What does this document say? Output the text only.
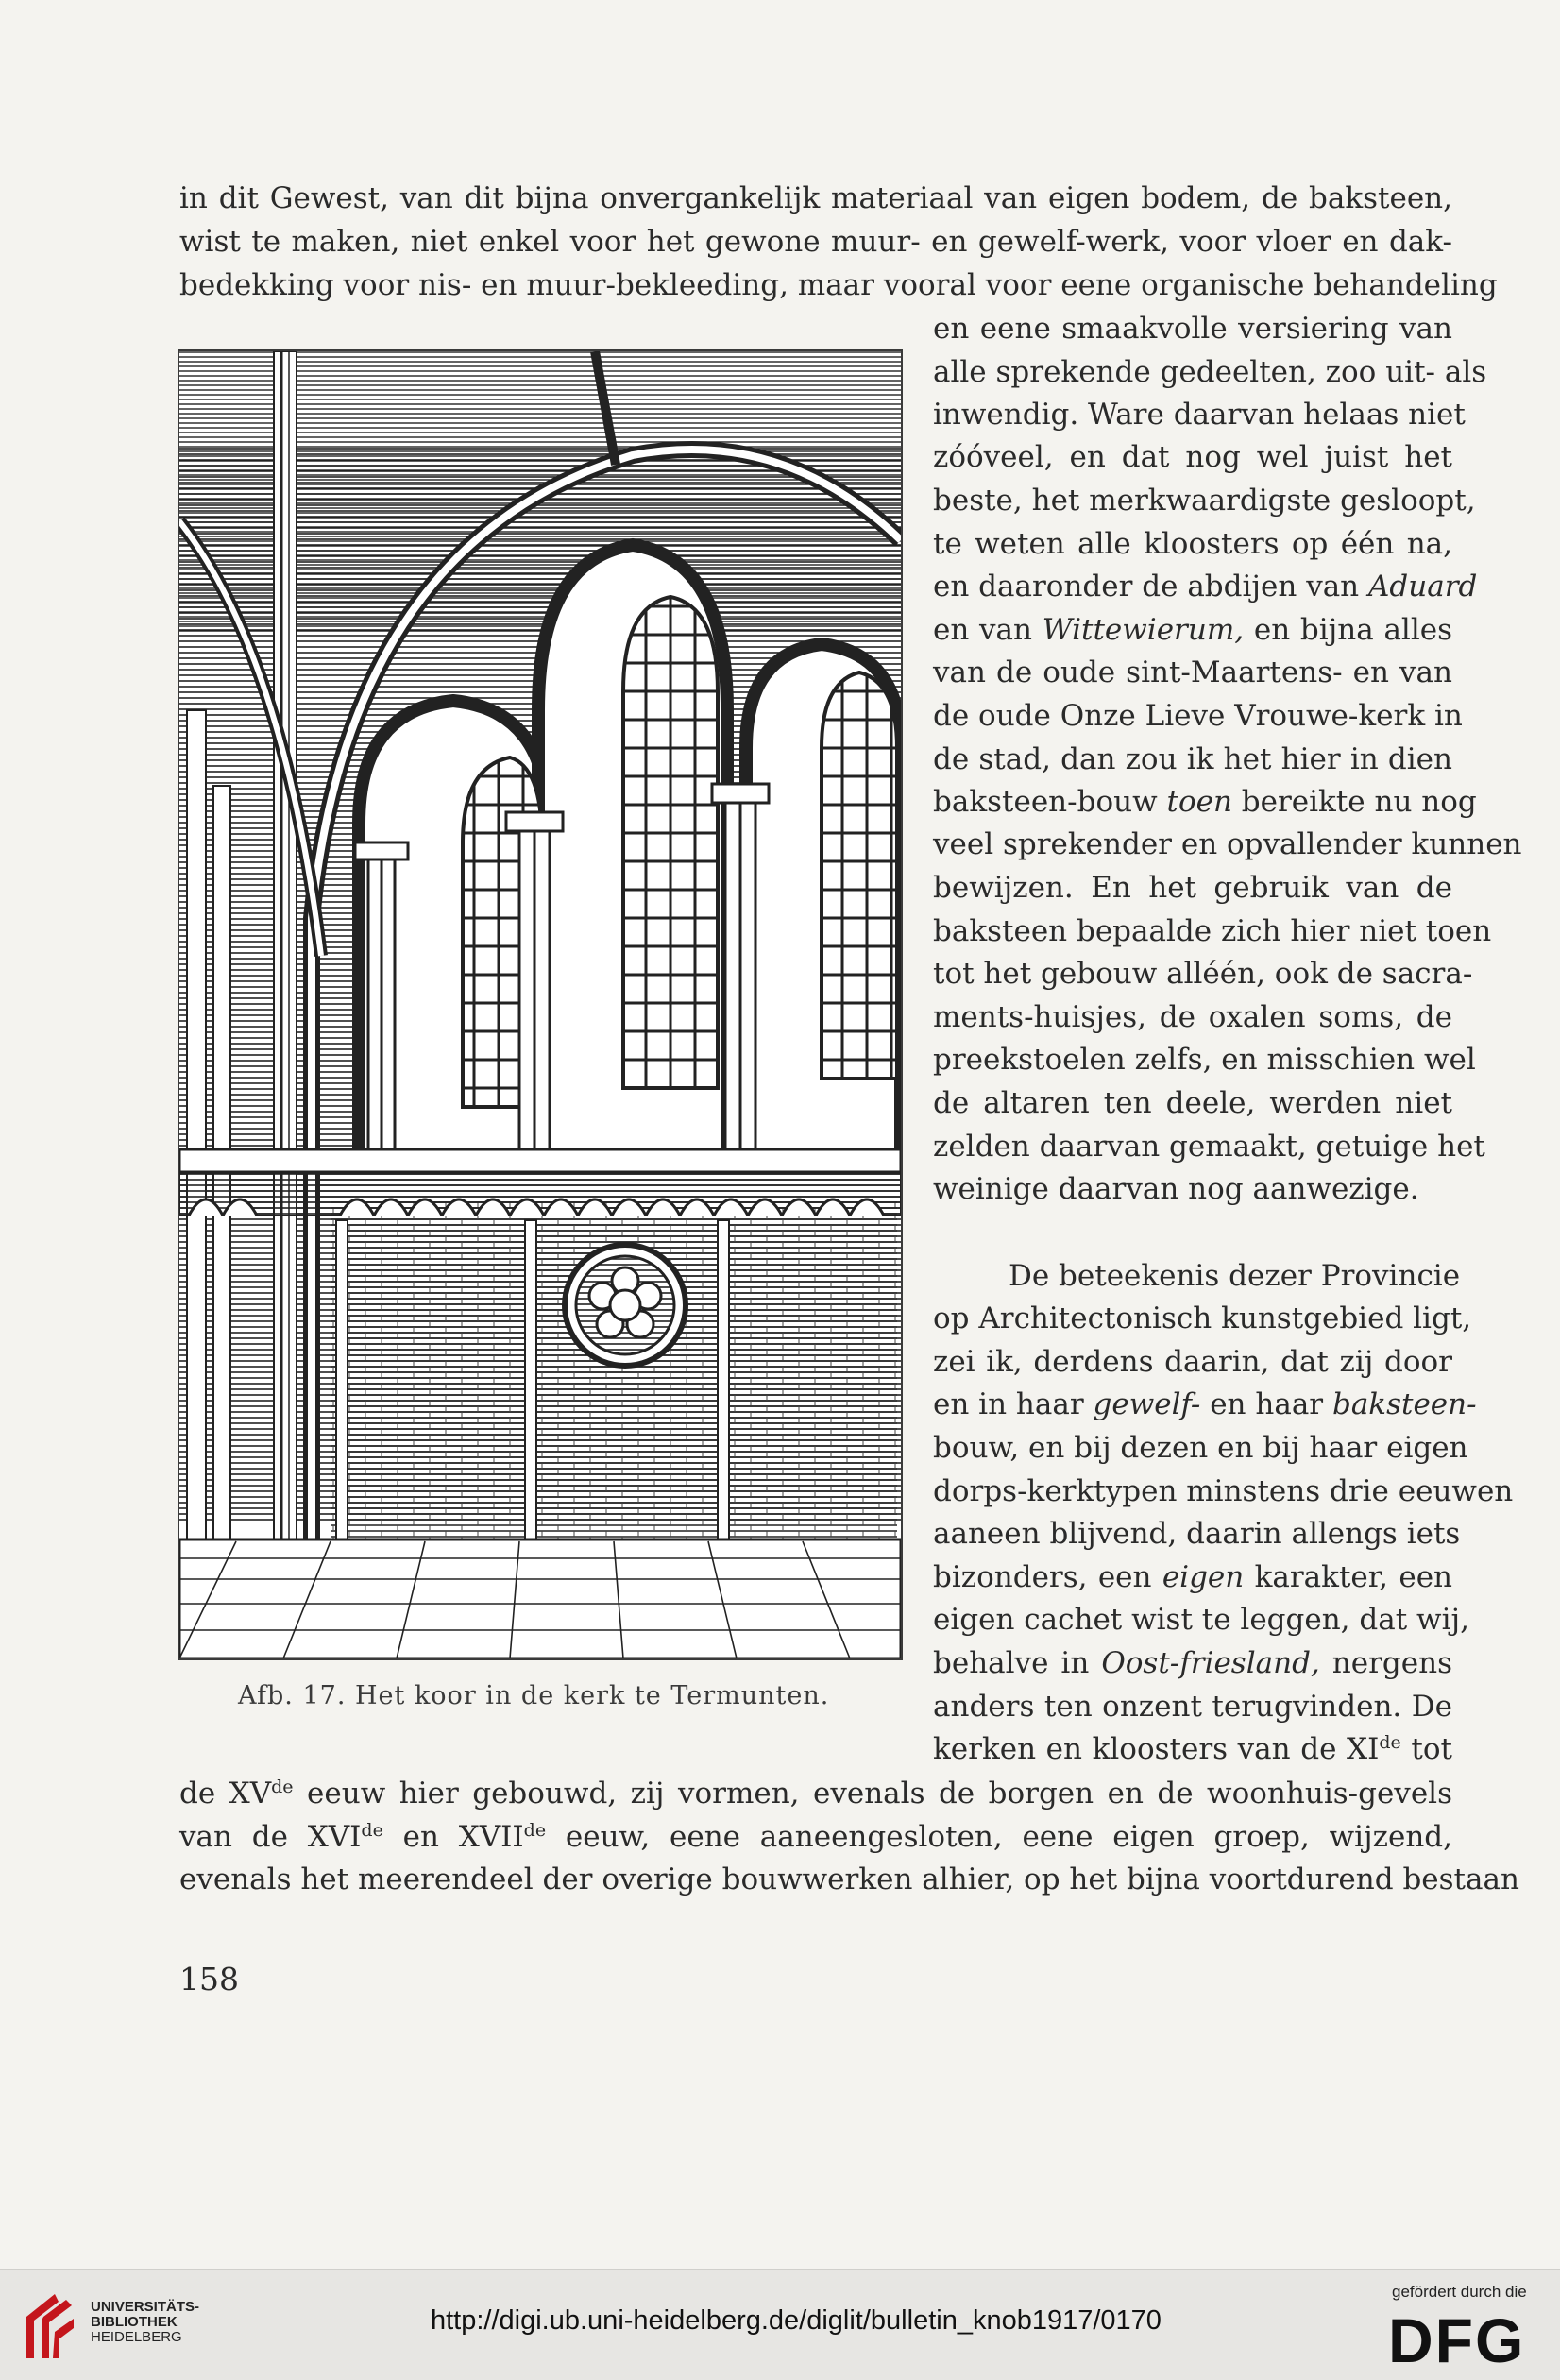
in dit Gewest, van dit bijna onvergankelijk materiaal van eigen bodem, de baksteen,
wist te maken, niet enkel voor het gewone muur- en gewelf-werk, voor vloer en dak-
bedekking voor nis- en muur-bekleeding, maar vooral voor eene organische behandeling
en eene smaakvolle versiering van
alle sprekende gedeelten, zoo uit- als
inwendig. Ware daarvan helaas niet
zóóveel, en dat nog wel juist het
beste, het merkwaardigste gesloopt,
te weten alle kloosters op één na,
en daaronder de abdijen van Aduard
en van Wittewierum, en bijna alles
van de oude sint-Maartens- en van
de oude Onze Lieve Vrouwe-kerk in
de stad, dan zou ik het hier in dien
baksteen-bouw toen bereikte nu nog
veel sprekender en opvallender kunnen
bewijzen. En het gebruik van de
baksteen bepaalde zich hier niet toen
tot het gebouw alléén, ook de sacra-
ments-huisjes, de oxalen soms, de
preekstoelen zelfs, en misschien wel
de altaren ten deele, werden niet
zelden daarvan gemaakt, getuige het
weinige daarvan nog aanwezige.
De beteekenis dezer Provincie
op Architectonisch kunstgebied ligt,
zei ik, derdens daarin, dat zij door
en in haar gewelf- en haar baksteen-
bouw, en bij dezen en bij haar eigen
dorps-kerktypen minstens drie eeuwen
aaneen blijvend, daarin allengs iets
bizonders, een eigen karakter, een
eigen cachet wist te leggen, dat wij,
behalve in Oost-friesland, nergens
anders ten onzent terugvinden. De
kerken en kloosters van de XIde tot
de XVde eeuw hier gebouwd, zij vormen, evenals de borgen en de woonhuis-gevels
van de XVIde en XVIIde eeuw, eene aaneengesloten, eene eigen groep, wijzend,
evenals het meerendeel der overige bouwwerken alhier, op het bijna voortdurend bestaan
Afb. 17. Het koor in de kerk te Termunten.
158
UNIVERSITÄTS-
BIBLIOTHEK
HEIDELBERG
http://digi.ub.uni-heidelberg.de/diglit/bulletin_knob1917/0170
gefördert durch die
DFG
